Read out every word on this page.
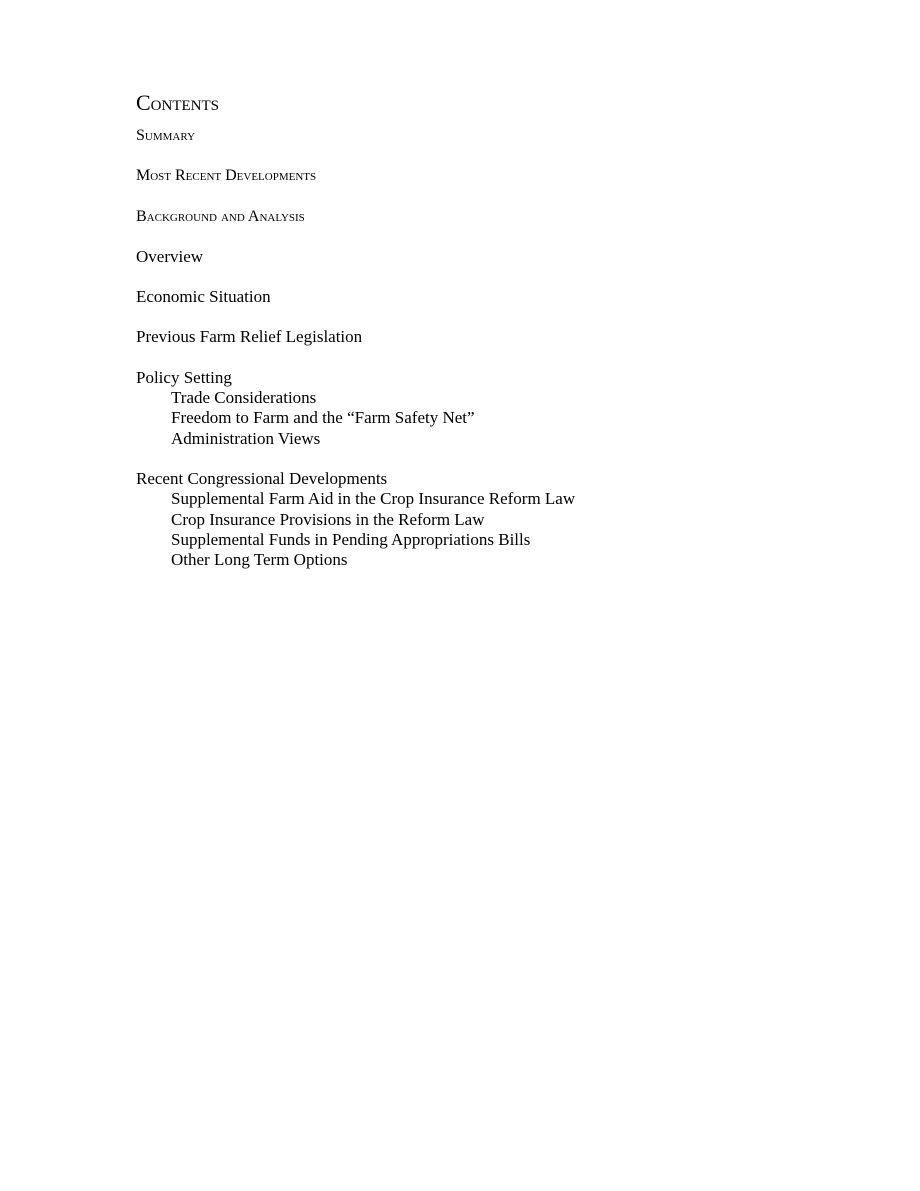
Contents
Summary
Most Recent Developments
Background and Analysis
Overview
Economic Situation
Previous Farm Relief Legislation
Policy Setting
Trade Considerations
Freedom to Farm and the “Farm Safety Net”
Administration Views
Recent Congressional Developments
Supplemental Farm Aid in the Crop Insurance Reform Law
Crop Insurance Provisions in the Reform Law
Supplemental Funds in Pending Appropriations Bills
Other Long Term Options
